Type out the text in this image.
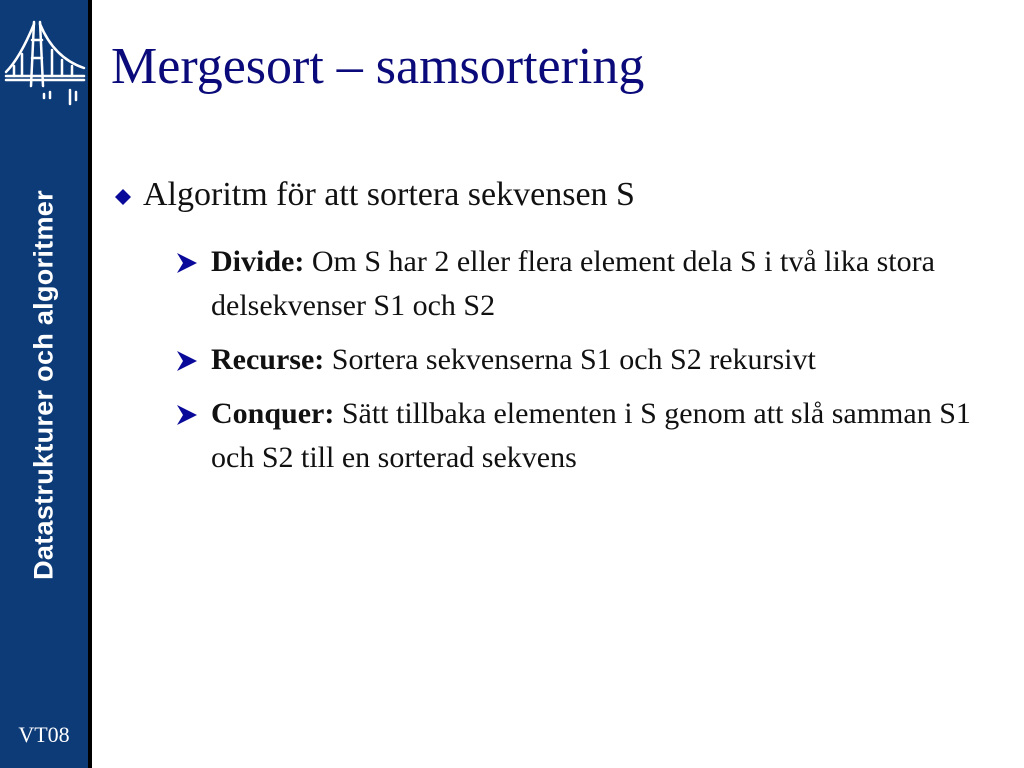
Datastrukturer och algoritmer
VT08
Mergesort – samsortering
Algoritm för att sortera sekvensen S
Divide: Om S har 2 eller flera element dela S i två lika stora delsekvenser S1 och S2
Recurse: Sortera sekvenserna S1 och S2 rekursivt
Conquer: Sätt tillbaka elementen i S genom att slå samman S1 och S2 till en sorterad sekvens
